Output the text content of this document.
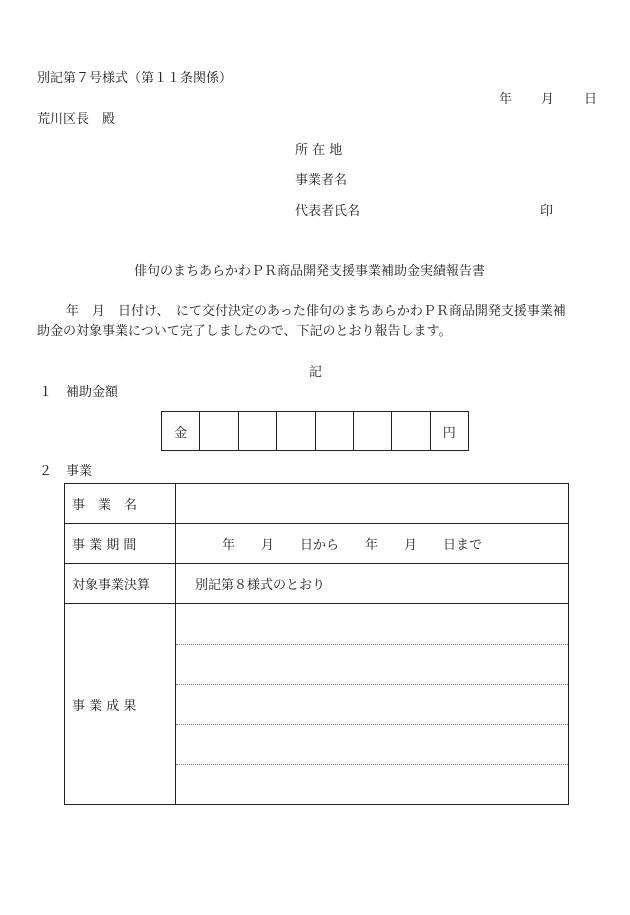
別記第７号様式（第１１条関係）
年 月 日
荒川区長　殿
所 在 地
事業者名
代表者氏名	印
俳句のまちあらかわＰＲ商品開発支援事業補助金実績報告書
年　月　日付け、　にて交付決定のあった俳句のまちあらかわＰＲ商品開発支援事業補
助金の対象事業について完了しましたので、下記のとおり報告します。
記
１ 補助金額
金	円
２ 事業
事　業　名
事 業 期 間	年　　月　　日から　　年　　月　　日まで
対象事業決算	別記第８様式のとおり
事 業 成 果
